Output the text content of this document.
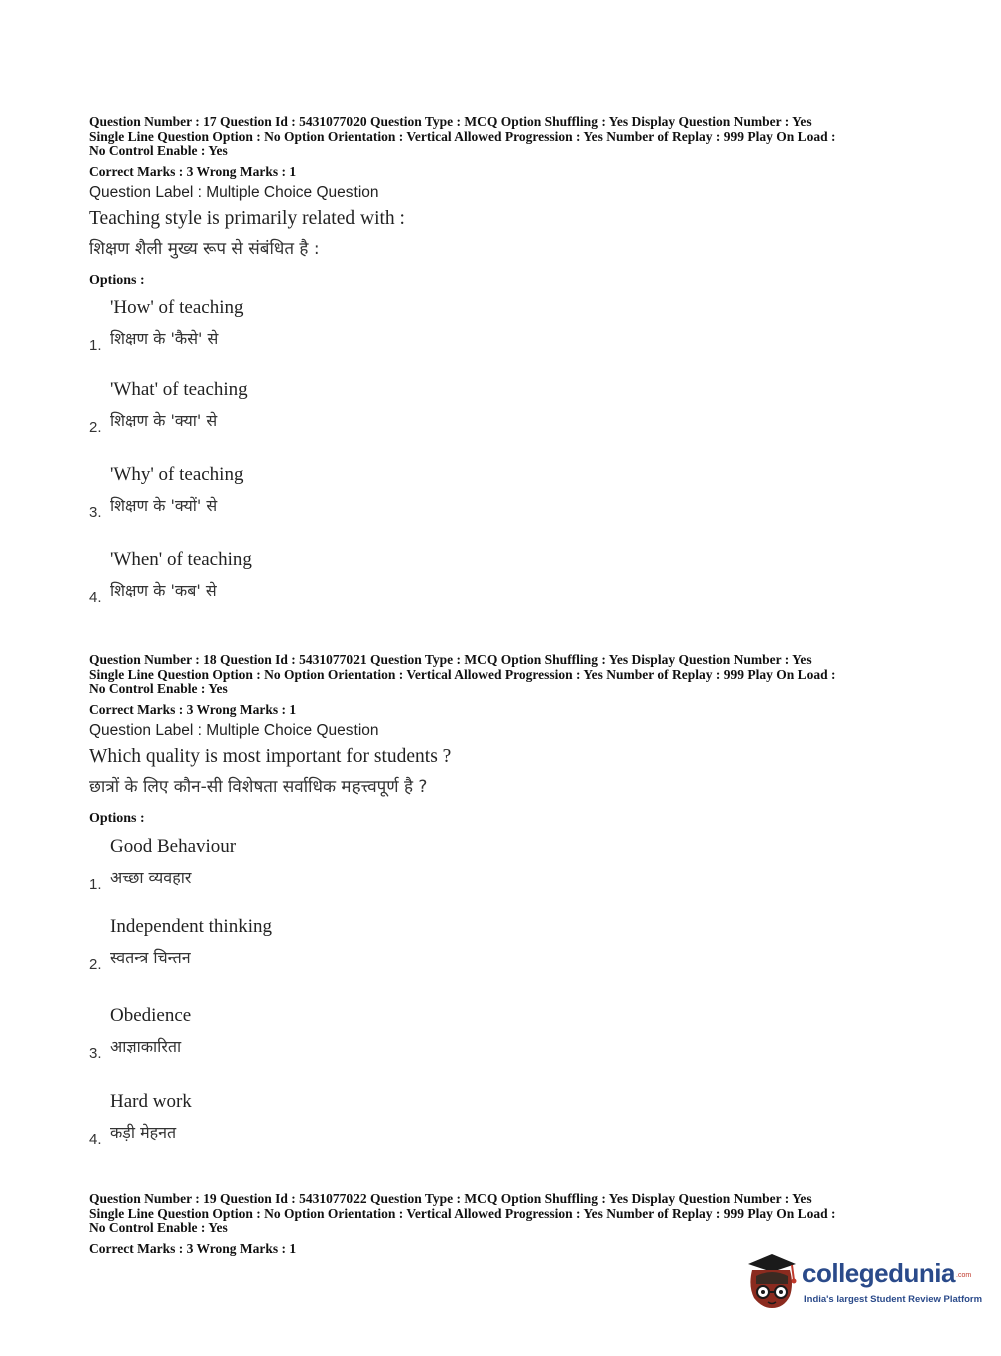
Question Number : 17 Question Id : 5431077020 Question Type : MCQ Option Shuffling : Yes Display Question Number : Yes

Single Line Question Option : No Option Orientation : Vertical Allowed Progression : Yes Number of Replay : 999 Play On Load :

No Control Enable : Yes

Correct Marks : 3 Wrong Marks : 1
Question Label : Multiple Choice Question
Teaching style is primarily related with :
शिक्षण शैली मुख्य रूप से संबंधित है :
Options :
1.
'How' of teaching
शिक्षण के 'कैसे' से
2.
'What' of teaching
शिक्षण के 'क्या' से
3.
'Why' of teaching
शिक्षण के 'क्यों' से
4.
'When' of teaching
शिक्षण के 'कब' से

Question Number : 18 Question Id : 5431077021 Question Type : MCQ Option Shuffling : Yes Display Question Number : Yes

Single Line Question Option : No Option Orientation : Vertical Allowed Progression : Yes Number of Replay : 999 Play On Load :

No Control Enable : Yes

Correct Marks : 3 Wrong Marks : 1
Question Label : Multiple Choice Question
Which quality is most important for students ?
छात्रों के लिए कौन-सी विशेषता सर्वाधिक महत्त्वपूर्ण है ?
Options :
1.
Good Behaviour
अच्छा व्यवहार
2.
Independent thinking
स्वतन्त्र चिन्तन
3.
Obedience
आज्ञाकारिता
4.
Hard work
कड़ी मेहनत

Question Number : 19 Question Id : 5431077022 Question Type : MCQ Option Shuffling : Yes Display Question Number : Yes

Single Line Question Option : No Option Orientation : Vertical Allowed Progression : Yes Number of Replay : 999 Play On Load :

No Control Enable : Yes

Correct Marks : 3 Wrong Marks : 1
collegedunia .com
India's largest Student Review Platform
